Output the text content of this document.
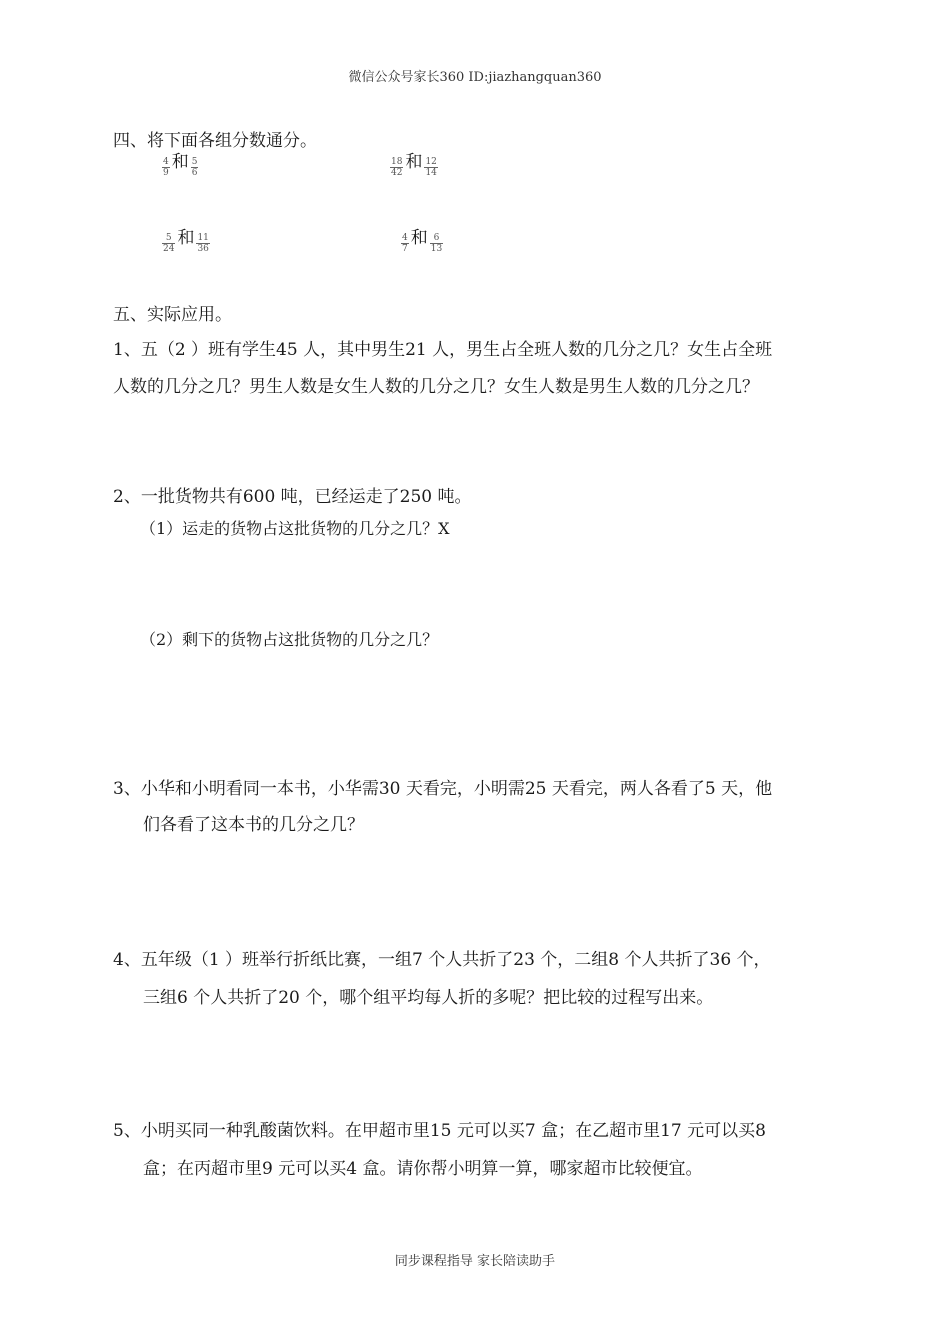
微信公众号家长360 ID:jiazhangquan360
四、将下面各组分数通分。
$\frac{4}{9}$ 和 $\frac{5}{6}$	$\frac{18}{42}$ 和 $\frac{12}{14}$
$\frac{5}{24}$ 和 $\frac{11}{36}$	$\frac{4}{7}$ 和 $\frac{6}{13}$
五、实际应用。
1、五（2 ）班有学生45 人，其中男生21 人，男生占全班人数的几分之几？女生占全班
人数的几分之几？男生人数是女生人数的几分之几？女生人数是男生人数的几分之几？
2、一批货物共有600 吨，已经运走了250 吨。
（1）运走的货物占这批货物的几分之几？X
（2）剩下的货物占这批货物的几分之几？
3、小华和小明看同一本书，小华需30 天看完，小明需25 天看完，两人各看了5 天，他
们各看了这本书的几分之几？
4、五年级（1 ）班举行折纸比赛，一组7 个人共折了23 个，二组8 个人共折了36 个，
三组6 个人共折了20 个，哪个组平均每人折的多呢？把比较的过程写出来。
5、小明买同一种乳酸菌饮料。在甲超市里15 元可以买7 盒；在乙超市里17 元可以买8
盒；在丙超市里9 元可以买4 盒。请你帮小明算一算，哪家超市比较便宜。
同步课程指导 家长陪读助手
